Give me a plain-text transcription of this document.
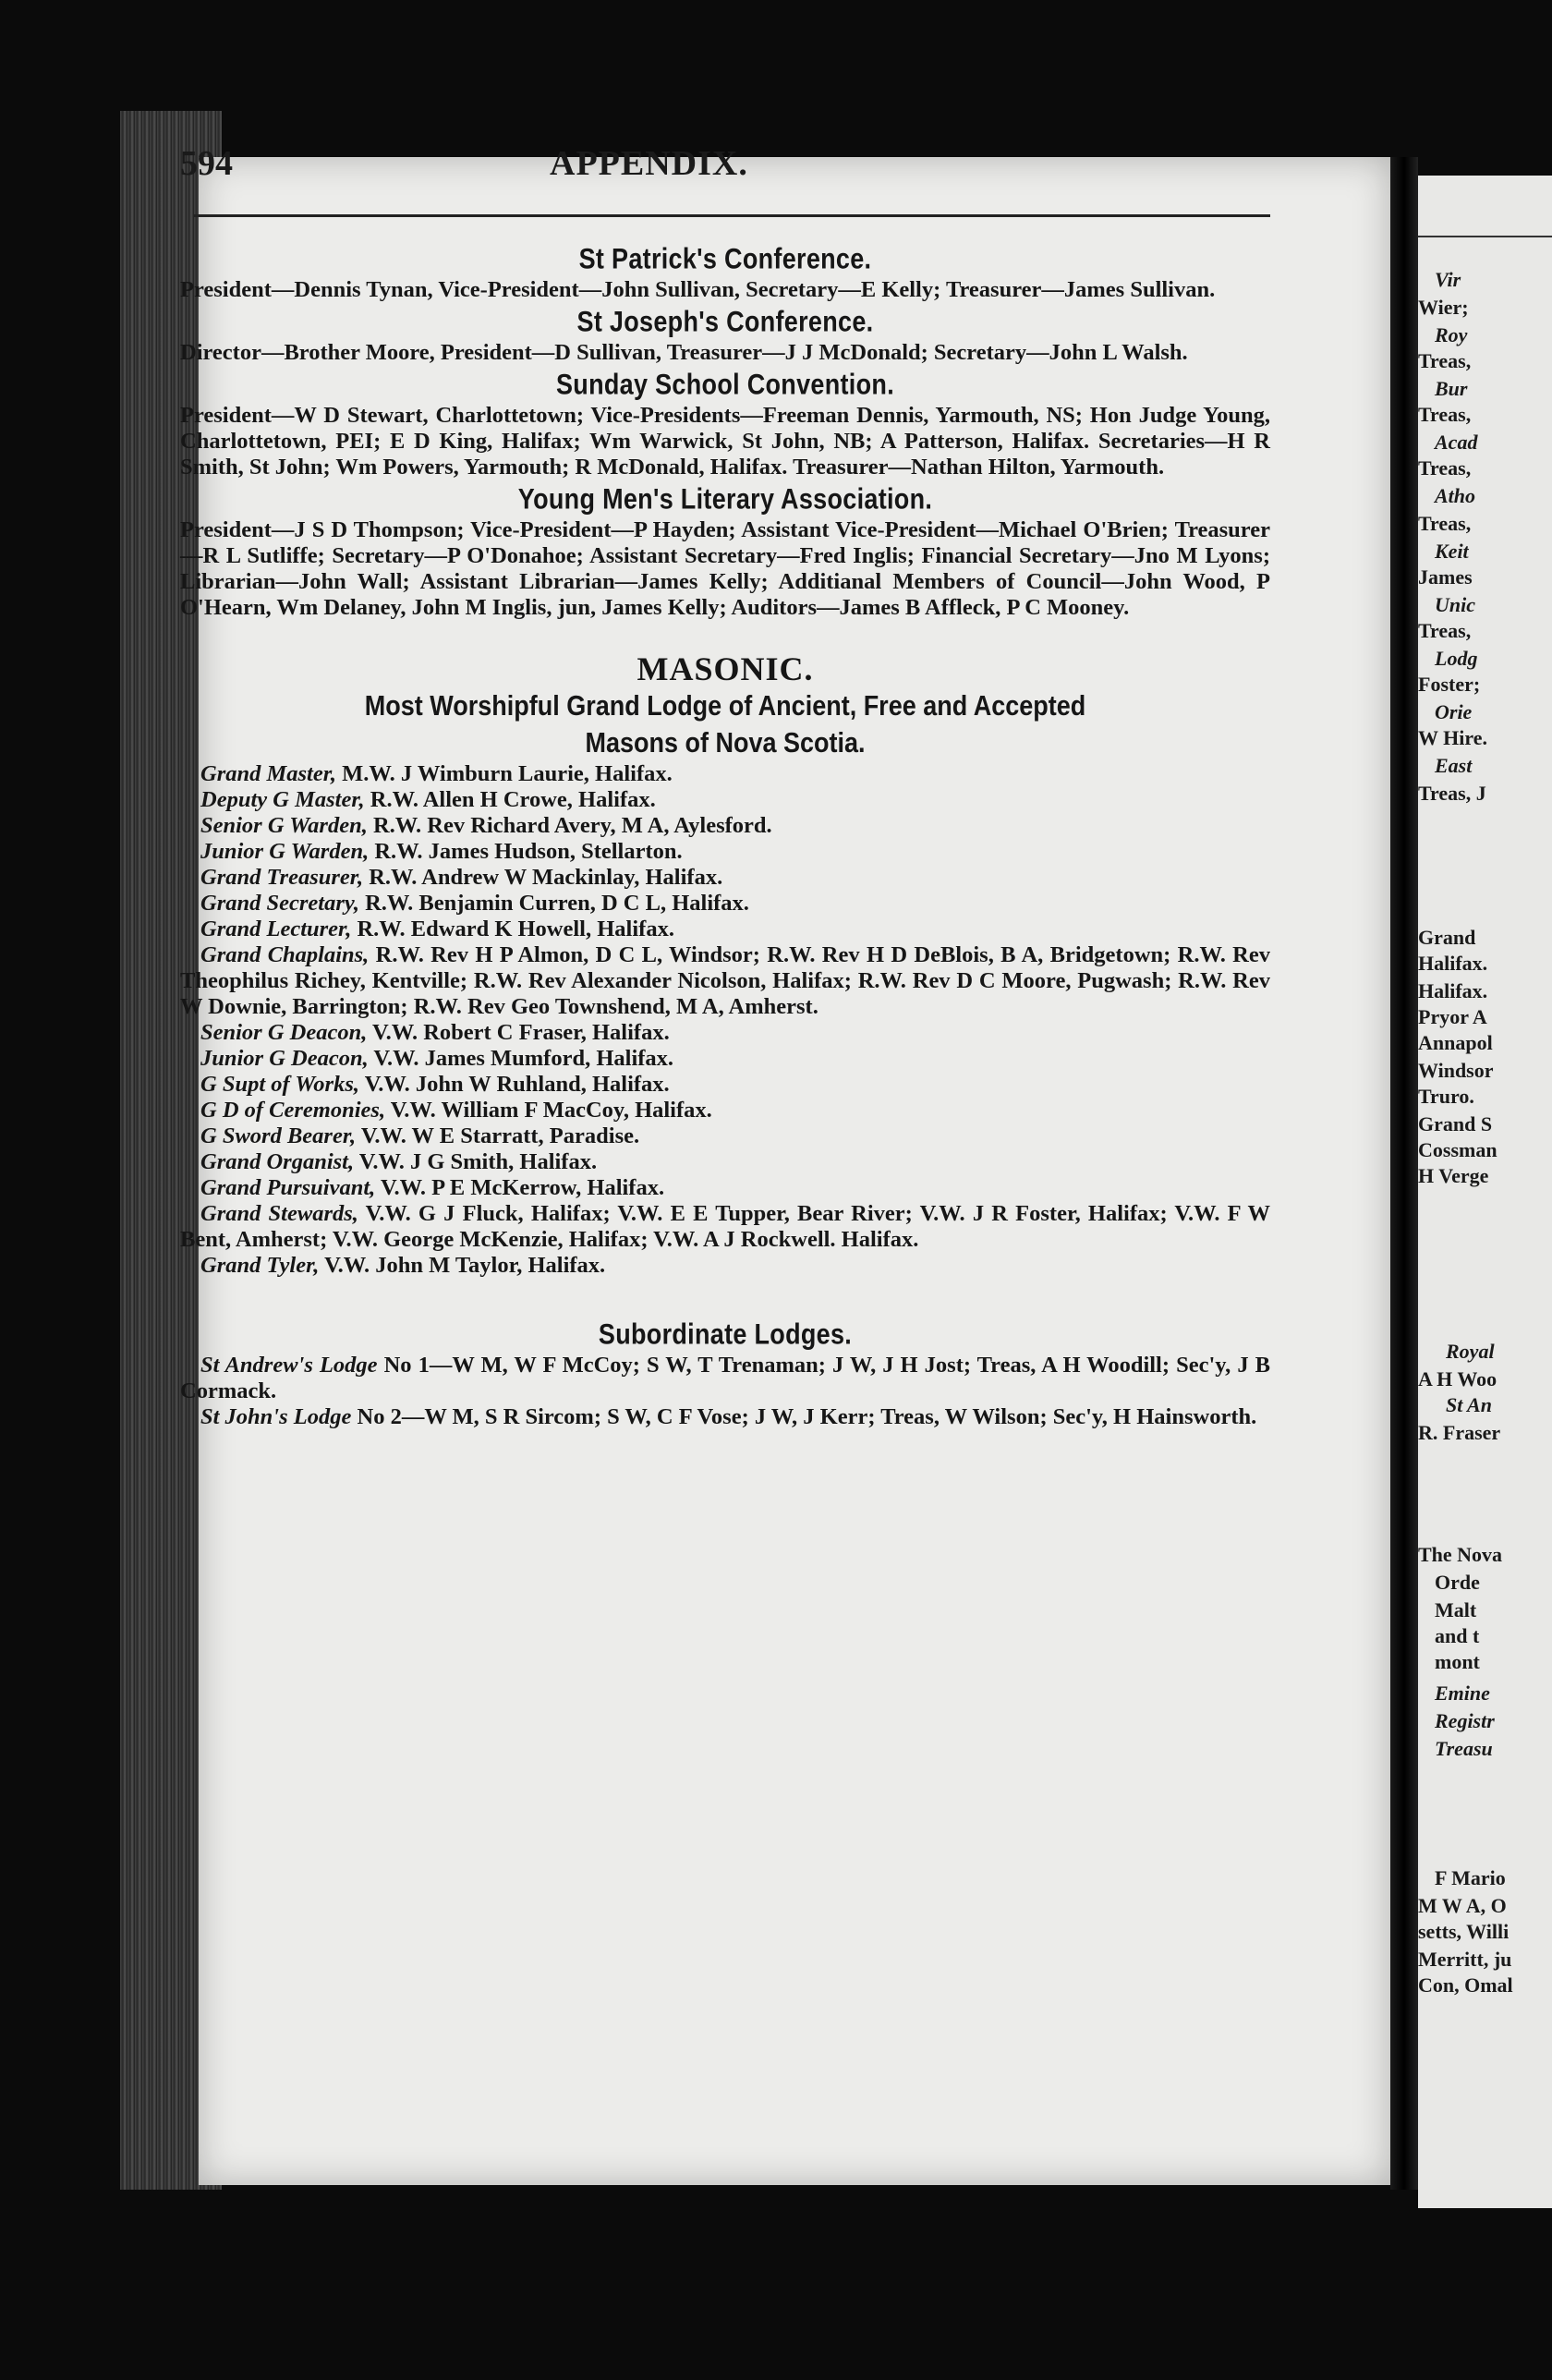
Vir
Wier;
Roy
Treas,
Bur
Treas,
Acad
Treas,
Atho
Treas,
Keit
James
Unic
Treas,
Lodg
Foster;
Orie
W Hire.
East
Treas, J
Grand
Halifax.
Halifax.
Pryor A
Annapol
Windsor
Truro.
Grand S
Cossman
H Verge
Royal
A H Woo
St An
R. Fraser
The Nova
Orde
Malt
and t
mont
Emine
Registr
Treasu
F Mario
M W A, O
setts, Willi
Merritt, ju
Con, Omal
594	APPENDIX.
St Patrick's Conference.

President—Dennis Tynan, Vice-President—John Sullivan, Secretary—E Kelly; Treasurer—James Sullivan.

St Joseph's Conference.

Director—Brother Moore, President—D Sullivan, Treasurer—J J McDonald; Secretary—John L Walsh.

Sunday School Convention.

President—W D Stewart, Charlottetown; Vice-Presidents—Freeman Dennis, Yarmouth, NS; Hon Judge Young, Charlottetown, PEI; E D King, Halifax; Wm Warwick, St John, NB; A Patterson, Halifax. Secretaries—H R Smith, St John; Wm Powers, Yarmouth; R McDonald, Halifax. Treasurer—Nathan Hilton, Yarmouth.

Young Men's Literary Association.

President—J S D Thompson; Vice-President—P Hayden; Assistant Vice-President—Michael O'Brien; Treasurer—R L Sutliffe; Secretary—P O'Donahoe; Assistant Secretary—Fred Inglis; Financial Secretary—Jno M Lyons; Librarian—John Wall; Assistant Librarian—James Kelly; Additianal Members of Council—John Wood, P O'Hearn, Wm Delaney, John M Inglis, jun, James Kelly; Auditors—James B Affleck, P C Mooney.

MASONIC.
Most Worshipful Grand Lodge of Ancient, Free and Accepted
Masons of Nova Scotia.

Grand Master, M.W. J Wimburn Laurie, Halifax.

Deputy G Master, R.W. Allen H Crowe, Halifax.

Senior G Warden, R.W. Rev Richard Avery, M A, Aylesford.

Junior G Warden, R.W. James Hudson, Stellarton.

Grand Treasurer, R.W. Andrew W Mackinlay, Halifax.

Grand Secretary, R.W. Benjamin Curren, D C L, Halifax.

Grand Lecturer, R.W. Edward K Howell, Halifax.

Grand Chaplains, R.W. Rev H P Almon, D C L, Windsor; R.W. Rev H D DeBlois, B A, Bridgetown; R.W. Rev Theophilus Richey, Kentville; R.W. Rev Alexander Nicolson, Halifax; R.W. Rev D C Moore, Pugwash; R.W. Rev W Downie, Barrington; R.W. Rev Geo Townshend, M A, Amherst.

Senior G Deacon, V.W. Robert C Fraser, Halifax.

Junior G Deacon, V.W. James Mumford, Halifax.

G Supt of Works, V.W. John W Ruhland, Halifax.

G D of Ceremonies, V.W. William F MacCoy, Halifax.

G Sword Bearer, V.W. W E Starratt, Paradise.

Grand Organist, V.W. J G Smith, Halifax.

Grand Pursuivant, V.W. P E McKerrow, Halifax.

Grand Stewards, V.W. G J Fluck, Halifax; V.W. E E Tupper, Bear River; V.W. J R Foster, Halifax; V.W. F W Bent, Amherst; V.W. George McKenzie, Halifax; V.W. A J Rockwell. Halifax.

Grand Tyler, V.W. John M Taylor, Halifax.

Subordinate Lodges.

St Andrew's Lodge No 1—W M, W F McCoy; S W, T Trenaman; J W, J H Jost; Treas, A H Woodill; Sec'y, J B Cormack.

St John's Lodge No 2—W M, S R Sircom; S W, C F Vose; J W, J Kerr; Treas, W Wilson; Sec'y, H Hainsworth.
